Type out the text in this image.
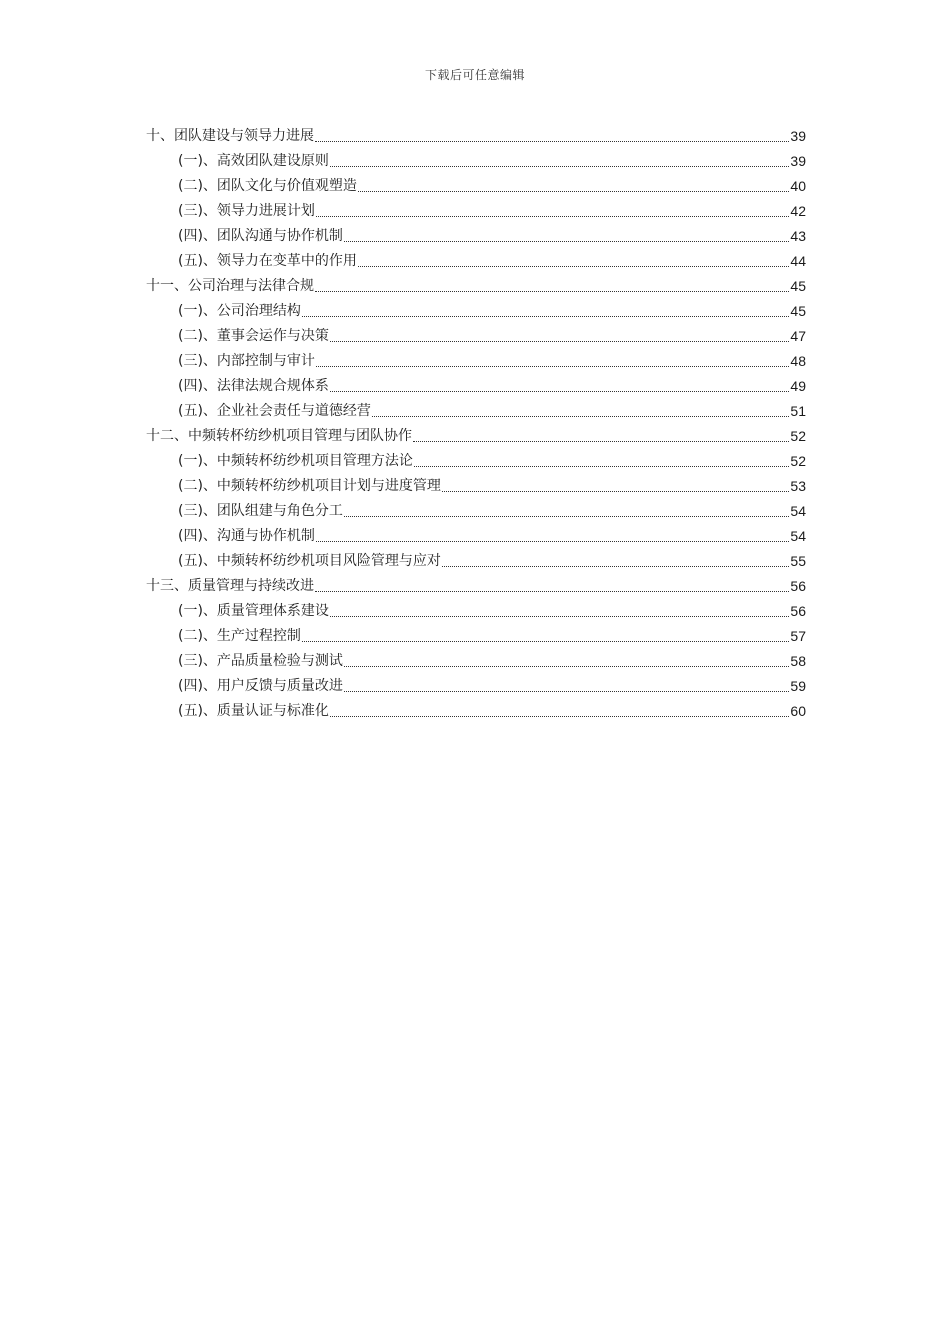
下载后可任意编辑
十、团队建设与领导力进展	39
(一)、高效团队建设原则	39
(二)、团队文化与价值观塑造	40
(三)、领导力进展计划	42
(四)、团队沟通与协作机制	43
(五)、领导力在变革中的作用	44
十一、公司治理与法律合规	45
(一)、公司治理结构	45
(二)、董事会运作与决策	47
(三)、内部控制与审计	48
(四)、法律法规合规体系	49
(五)、企业社会责任与道德经营	51
十二、中频转杯纺纱机项目管理与团队协作	52
(一)、中频转杯纺纱机项目管理方法论	52
(二)、中频转杯纺纱机项目计划与进度管理	53
(三)、团队组建与角色分工	54
(四)、沟通与协作机制	54
(五)、中频转杯纺纱机项目风险管理与应对	55
十三、质量管理与持续改进	56
(一)、质量管理体系建设	56
(二)、生产过程控制	57
(三)、产品质量检验与测试	58
(四)、用户反馈与质量改进	59
(五)、质量认证与标准化	60
